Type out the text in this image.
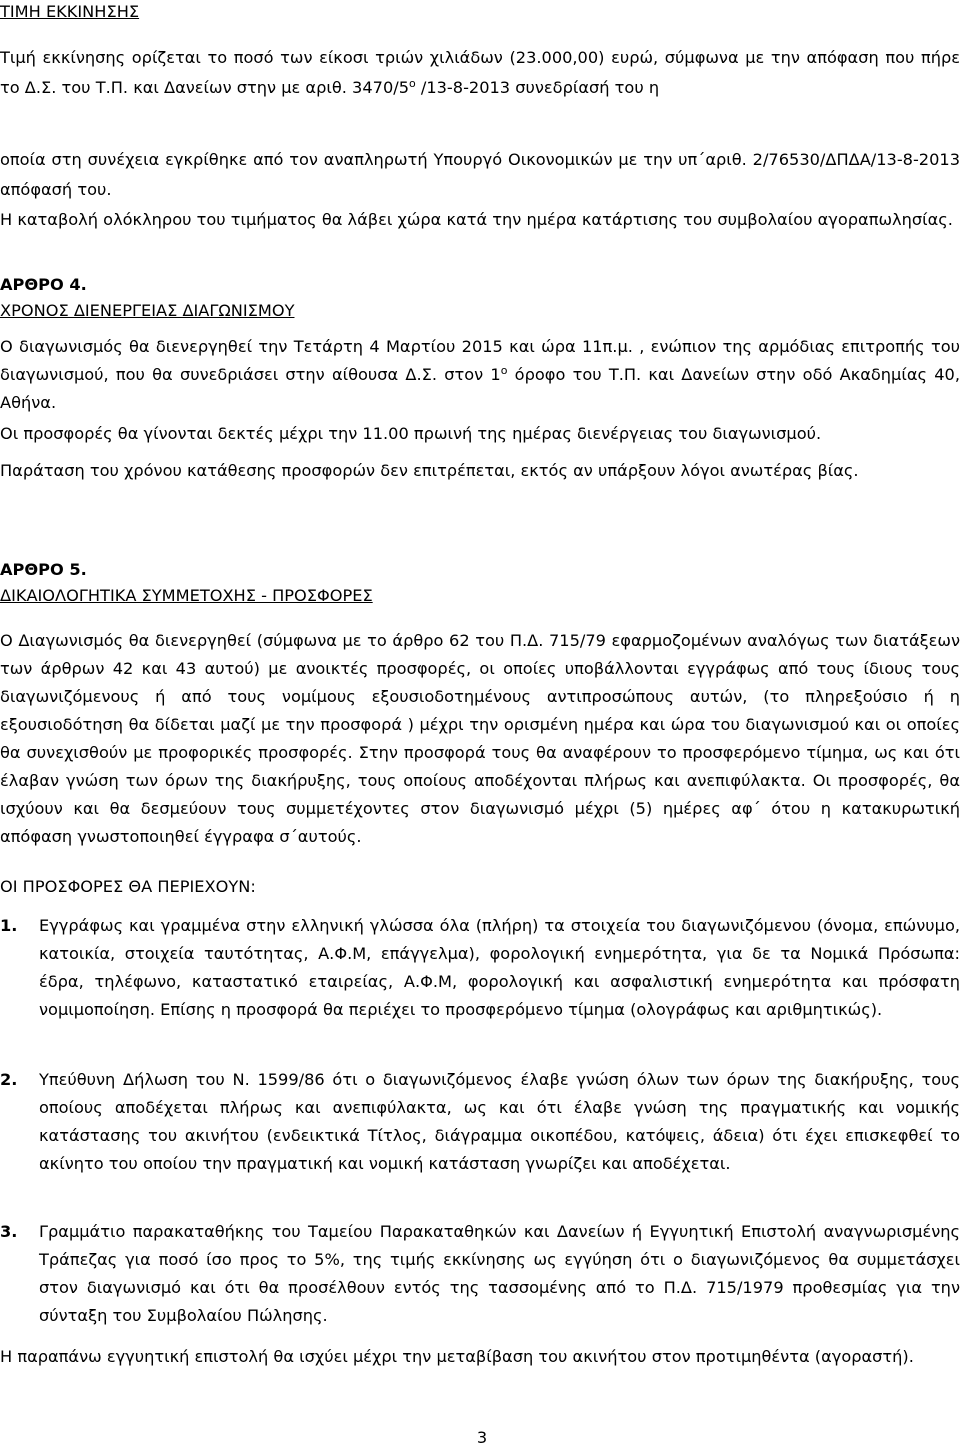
ΤΙΜΗ ΕΚΚΙΝΗΣΗΣ

Τιμή εκκίνησης ορίζεται το ποσό των είκοσι τριών χιλιάδων (23.000,00) ευρώ, σύμφωνα με την απόφαση που πήρε το Δ.Σ. του Τ.Π. και Δανείων στην με αριθ. $3470/5^o$ /13-8-2013 συνεδρίασή του η

οποία στη συνέχεια εγκρίθηκε από τον αναπληρωτή Υπουργό Οικονομικών με την υπ΄αριθ. 2/76530/ΔΠΔΑ/13-8-2013 απόφασή του.

Η καταβολή ολόκληρου του τιμήματος θα λάβει χώρα κατά την ημέρα κατάρτισης του συμβολαίου αγοραπωλησίας.

ΑΡΘΡΟ 4.
ΧΡΟΝΟΣ ΔΙΕΝΕΡΓΕΙΑΣ ΔΙΑΓΩΝΙΣΜΟΥ

Ο διαγωνισμός θα διενεργηθεί την Τετάρτη 4 Μαρτίου 2015 και ώρα 11π.μ. , ενώπιον της αρμόδιας επιτροπής του διαγωνισμού, που θα συνεδριάσει στην αίθουσα Δ.Σ. στον $1^o$ όροφο του Τ.Π. και Δανείων στην οδό Ακαδημίας 40, Αθήνα.

Οι προσφορές θα γίνονται δεκτές μέχρι την 11.00 πρωινή της ημέρας διενέργειας του διαγωνισμού.

Παράταση του χρόνου κατάθεσης προσφορών δεν επιτρέπεται, εκτός αν υπάρξουν λόγοι ανωτέρας βίας.

ΑΡΘΡΟ 5.
ΔΙΚΑΙΟΛΟΓΗΤΙΚΑ ΣΥΜΜΕΤΟΧΗΣ - ΠΡΟΣΦΟΡΕΣ

Ο Διαγωνισμός θα διενεργηθεί (σύμφωνα με το άρθρο 62 του Π.Δ. 715/79 εφαρμοζομένων αναλόγως των διατάξεων των άρθρων 42 και 43 αυτού) με ανοικτές προσφορές, οι οποίες υποβάλλονται εγγράφως από τους ίδιους τους διαγωνιζόμενους ή από τους νομίμους εξουσιοδοτημένους αντιπροσώπους αυτών, (το πληρεξούσιο ή η εξουσιοδότηση θα δίδεται μαζί με την προσφορά ) μέχρι την ορισμένη ημέρα και ώρα του διαγωνισμού και οι οποίες θα συνεχισθούν με προφορικές προσφορές. Στην προσφορά τους θα αναφέρουν το προσφερόμενο τίμημα, ως και ότι έλαβαν γνώση των όρων της διακήρυξης, τους οποίους αποδέχονται πλήρως και ανεπιφύλακτα. Οι προσφορές, θα ισχύουν και θα δεσμεύουν τους συμμετέχοντες στον διαγωνισμό μέχρι (5) ημέρες αφ΄ ότου η κατακυρωτική απόφαση γνωστοποιηθεί έγγραφα σ΄αυτούς.

ΟΙ ΠΡΟΣΦΟΡΕΣ ΘΑ ΠΕΡΙΕΧΟΥΝ:
1. Εγγράφως και γραμμένα στην ελληνική γλώσσα όλα (πλήρη) τα στοιχεία του διαγωνιζόμενου (όνομα, επώνυμο, κατοικία, στοιχεία ταυτότητας, Α.Φ.Μ, επάγγελμα), φορολογική ενημερότητα, για δε τα Νομικά Πρόσωπα: έδρα, τηλέφωνο, καταστατικό εταιρείας, Α.Φ.Μ, φορολογική και ασφαλιστική ενημερότητα και πρόσφατη νομιμοποίηση. Επίσης η προσφορά θα περιέχει το προσφερόμενο τίμημα (ολογράφως και αριθμητικώς).

2. Υπεύθυνη Δήλωση του Ν. 1599/86 ότι ο διαγωνιζόμενος έλαβε γνώση όλων των όρων της διακήρυξης, τους οποίους αποδέχεται πλήρως και ανεπιφύλακτα, ως και ότι έλαβε γνώση της πραγματικής και νομικής κατάστασης του ακινήτου (ενδεικτικά Τίτλος, διάγραμμα οικοπέδου, κατόψεις, άδεια) ότι έχει επισκεφθεί το ακίνητο του οποίου την πραγματική και νομική κατάσταση γνωρίζει και αποδέχεται.

3. Γραμμάτιο παρακαταθήκης του Ταμείου Παρακαταθηκών και Δανείων ή Εγγυητική Επιστολή αναγνωρισμένης Τράπεζας για ποσό ίσο προς το 5%, της τιμής εκκίνησης ως εγγύηση ότι ο διαγωνιζόμενος θα συμμετάσχει στον διαγωνισμό και ότι θα προσέλθουν εντός της τασσομένης από το Π.Δ. 715/1979 προθεσμίας για την σύνταξη του Συμβολαίου Πώλησης.

Η παραπάνω εγγυητική επιστολή θα ισχύει μέχρι την μεταβίβαση του ακινήτου στον προτιμηθέντα (αγοραστή).

3
